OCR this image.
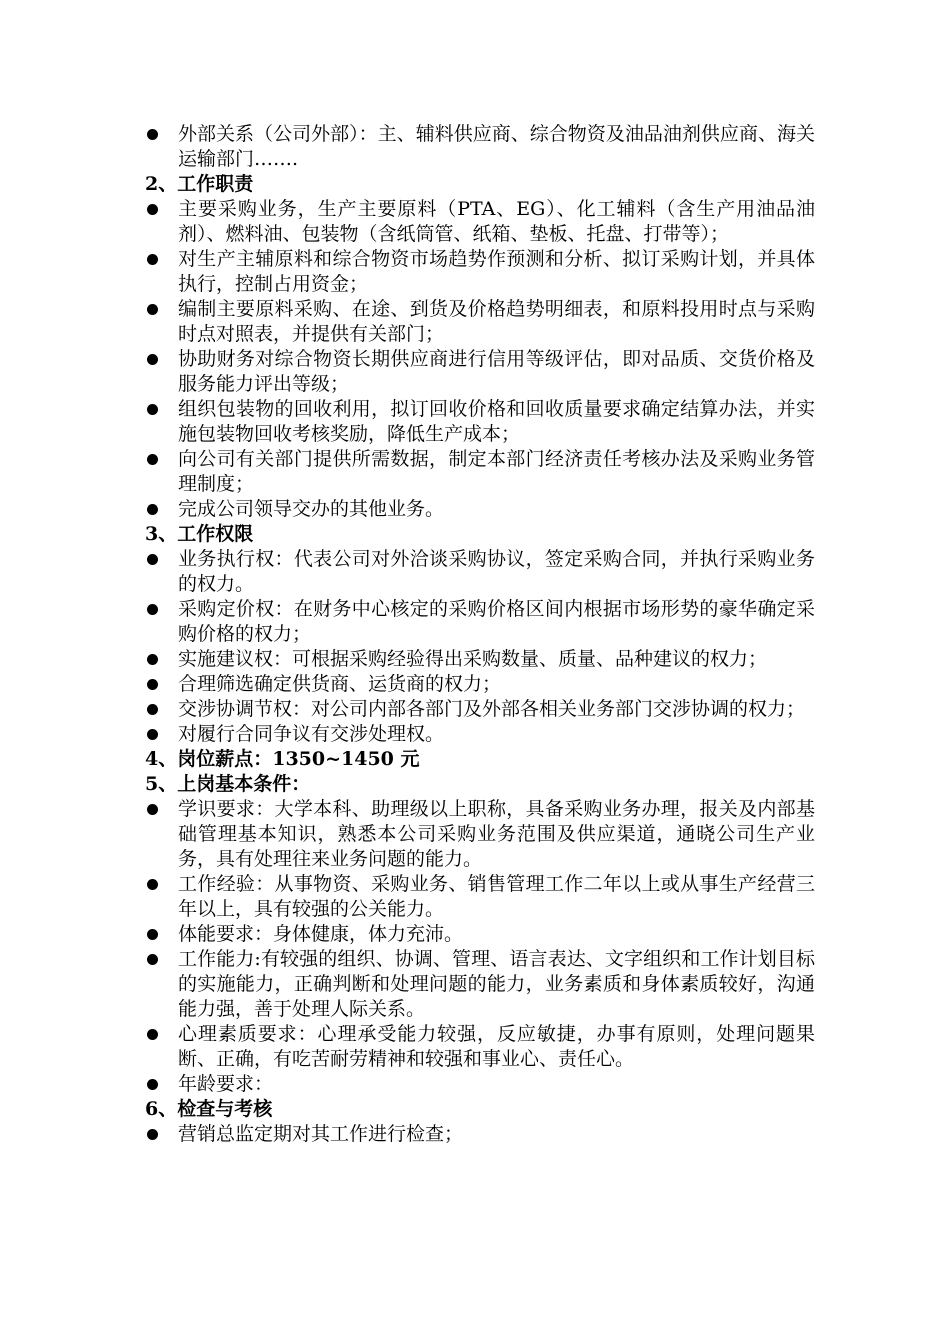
外部关系（公司外部）：主、辅料供应商、综合物资及油品油剂供应商、海关运输部门…….
2、工作职责
主要采购业务，生产主要原料（PTA、EG）、化工辅料（含生产用油品油剂）、燃料油、包装物（含纸筒管、纸箱、垫板、托盘、打带等）；
对生产主辅原料和综合物资市场趋势作预测和分析、拟订采购计划，并具体执行，控制占用资金；
编制主要原料采购、在途、到货及价格趋势明细表，和原料投用时点与采购时点对照表，并提供有关部门；
协助财务对综合物资长期供应商进行信用等级评估，即对品质、交货价格及服务能力评出等级；
组织包装物的回收利用，拟订回收价格和回收质量要求确定结算办法，并实施包装物回收考核奖励，降低生产成本；
向公司有关部门提供所需数据，制定本部门经济责任考核办法及采购业务管理制度；
完成公司领导交办的其他业务。
3、工作权限
业务执行权：代表公司对外洽谈采购协议，签定采购合同，并执行采购业务的权力。
采购定价权：在财务中心核定的采购价格区间内根据市场形势的豪华确定采购价格的权力；
实施建议权：可根据采购经验得出采购数量、质量、品种建议的权力；
合理筛选确定供货商、运货商的权力；
交涉协调节权：对公司内部各部门及外部各相关业务部门交涉协调的权力；
对履行合同争议有交涉处理权。
4、岗位薪点：1350~1450 元
5、上岗基本条件：
学识要求：大学本科、助理级以上职称，具备采购业务办理，报关及内部基础管理基本知识，熟悉本公司采购业务范围及供应渠道，通晓公司生产业务，具有处理往来业务问题的能力。
工作经验：从事物资、采购业务、销售管理工作二年以上或从事生产经营三年以上，具有较强的公关能力。
体能要求：身体健康，体力充沛。
工作能力:有较强的组织、协调、管理、语言表达、文字组织和工作计划目标的实施能力，正确判断和处理问题的能力，业务素质和身体素质较好，沟通能力强，善于处理人际关系。
心理素质要求：心理承受能力较强，反应敏捷，办事有原则，处理问题果断、正确，有吃苦耐劳精神和较强和事业心、责任心。
年龄要求：
6、检查与考核
营销总监定期对其工作进行检查；
